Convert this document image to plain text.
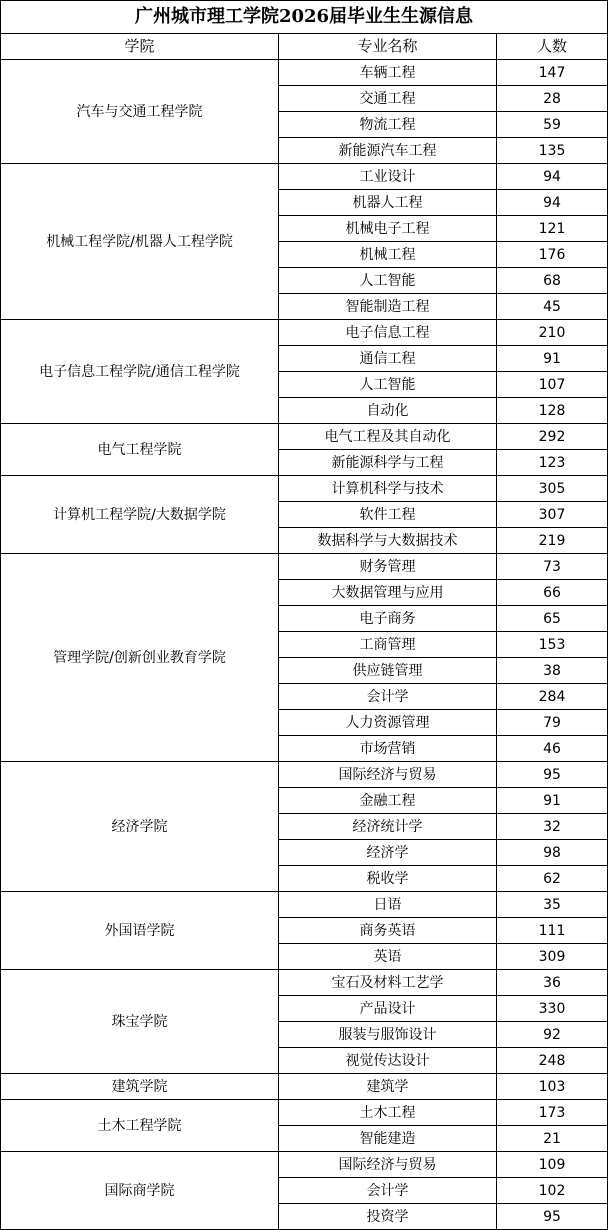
广州城市理工学院2026届毕业生生源信息		
学院	专业名称	人数
汽车与交通工程学院	车辆工程	147
	交通工程	28
	物流工程	59
	新能源汽车工程	135
机械工程学院/机器人工程学院	工业设计	94
	机器人工程	94
	机械电子工程	121
	机械工程	176
	人工智能	68
	智能制造工程	45
电子信息工程学院/通信工程学院	电子信息工程	210
	通信工程	91
	人工智能	107
	自动化	128
电气工程学院	电气工程及其自动化	292
	新能源科学与工程	123
计算机工程学院/大数据学院	计算机科学与技术	305
	软件工程	307
	数据科学与大数据技术	219
管理学院/创新创业教育学院	财务管理	73
	大数据管理与应用	66
	电子商务	65
	工商管理	153
	供应链管理	38
	会计学	284
	人力资源管理	79
	市场营销	46
经济学院	国际经济与贸易	95
	金融工程	91
	经济统计学	32
	经济学	98
	税收学	62
外国语学院	日语	35
	商务英语	111
	英语	309
珠宝学院	宝石及材料工艺学	36
	产品设计	330
	服装与服饰设计	92
	视觉传达设计	248
建筑学院	建筑学	103
土木工程学院	土木工程	173
	智能建造	21
国际商学院	国际经济与贸易	109
	会计学	102
	投资学	95
